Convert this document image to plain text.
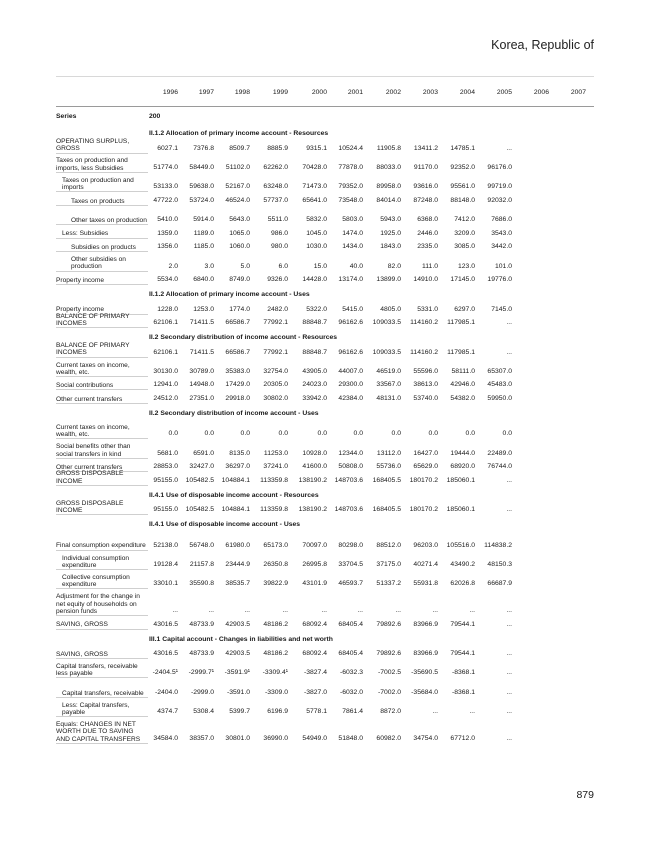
Korea, Republic of
1996	1997	1998	1999	2000	2001	2002	2003	2004	2005	2006	2007
Series	200
II.1.2 Allocation of primary income account - Resources
OPERATING SURPLUS, GROSS	6027.1	7376.8	8509.7	8885.9	9315.1	10524.4	11905.8	13411.2	14785.1	...
Taxes on production and imports, less Subsidies	51774.0	58449.0	51102.0	62262.0	70428.0	77878.0	88033.0	91170.0	92352.0	96176.0
Taxes on production and imports	53133.0	59638.0	52167.0	63248.0	71473.0	79352.0	89958.0	93616.0	95561.0	99719.0
Taxes on products	47722.0	53724.0	46524.0	57737.0	65641.0	73548.0	84014.0	87248.0	88148.0	92032.0
Other taxes on production	5410.0	5914.0	5643.0	5511.0	5832.0	5803.0	5943.0	6368.0	7412.0	7686.0
Less: Subsidies	1359.0	1189.0	1065.0	986.0	1045.0	1474.0	1925.0	2446.0	3209.0	3543.0
Subsidies on products	1356.0	1185.0	1060.0	980.0	1030.0	1434.0	1843.0	2335.0	3085.0	3442.0
Other subsidies on production	2.0	3.0	5.0	6.0	15.0	40.0	82.0	111.0	123.0	101.0
Property income	5534.0	6840.0	8749.0	9326.0	14428.0	13174.0	13899.0	14910.0	17145.0	19776.0
II.1.2 Allocation of primary income account - Uses
Property income	1228.0	1253.0	1774.0	2482.0	5322.0	5415.0	4805.0	5331.0	6297.0	7145.0
BALANCE OF PRIMARY INCOMES	62106.1	71411.5	66586.7	77992.1	88848.7	96162.6	109033.5	114160.2	117985.1	...
II.2 Secondary distribution of income account - Resources
BALANCE OF PRIMARY INCOMES	62106.1	71411.5	66586.7	77992.1	88848.7	96162.6	109033.5	114160.2	117985.1	...
Current taxes on income, wealth, etc.	30130.0	30789.0	35383.0	32754.0	43905.0	44007.0	46519.0	55596.0	58111.0	65307.0
Social contributions	12941.0	14948.0	17429.0	20305.0	24023.0	29300.0	33567.0	38613.0	42946.0	45483.0
Other current transfers	24512.0	27351.0	29918.0	30802.0	33942.0	42384.0	48131.0	53740.0	54382.0	59950.0
II.2 Secondary distribution of income account - Uses
Current taxes on income, wealth, etc.	0.0	0.0	0.0	0.0	0.0	0.0	0.0	0.0	0.0	0.0
Social benefits other than social transfers in kind	5681.0	6591.0	8135.0	11253.0	10928.0	12344.0	13112.0	16427.0	19444.0	22489.0
Other current transfers	28853.0	32427.0	36297.0	37241.0	41600.0	50808.0	55736.0	65629.0	68920.0	76744.0
GROSS DISPOSABLE INCOME	95155.0	105482.5	104884.1	113359.8	138190.2	148703.6	168405.5	180170.2	185060.1	...
II.4.1 Use of disposable income account - Resources
GROSS DISPOSABLE INCOME	95155.0	105482.5	104884.1	113359.8	138190.2	148703.6	168405.5	180170.2	185060.1	...
II.4.1 Use of disposable income account - Uses
Final consumption expenditure	52138.0	56748.0	61980.0	65173.0	70097.0	80298.0	88512.0	96203.0	105516.0	114838.2
Individual consumption expenditure	19128.4	21157.8	23444.9	26350.8	26995.8	33704.5	37175.0	40271.4	43490.2	48150.3
Collective consumption expenditure	33010.1	35590.8	38535.7	39822.9	43101.9	46593.7	51337.2	55931.8	62026.8	66687.9
Adjustment for the change in net equity of households on pension funds	...	...	...	...	...	...	...	...	...	...
SAVING, GROSS	43016.5	48733.9	42903.5	48186.2	68092.4	68405.4	79892.6	83966.9	79544.1	...
III.1 Capital account - Changes in liabilities and net worth
SAVING, GROSS	43016.5	48733.9	42903.5	48186.2	68092.4	68405.4	79892.6	83966.9	79544.1	...
Capital transfers, receivable less payable	-2404.5¹	-2999.7¹	-3591.9¹	-3309.4¹	-3827.4	-6032.3	-7002.5	-35690.5	-8368.1	...
Capital transfers, receivable	-2404.0	-2999.0	-3591.0	-3309.0	-3827.0	-6032.0	-7002.0	-35684.0	-8368.1	...
Less: Capital transfers, payable	4374.7	5308.4	5399.7	6196.9	5778.1	7861.4	8872.0	...	...	...
Equals: CHANGES IN NET WORTH DUE TO SAVING AND CAPITAL TRANSFERS	34584.0	38357.0	30801.0	36990.0	54949.0	51848.0	60982.0	34754.0	67712.0	...
879
